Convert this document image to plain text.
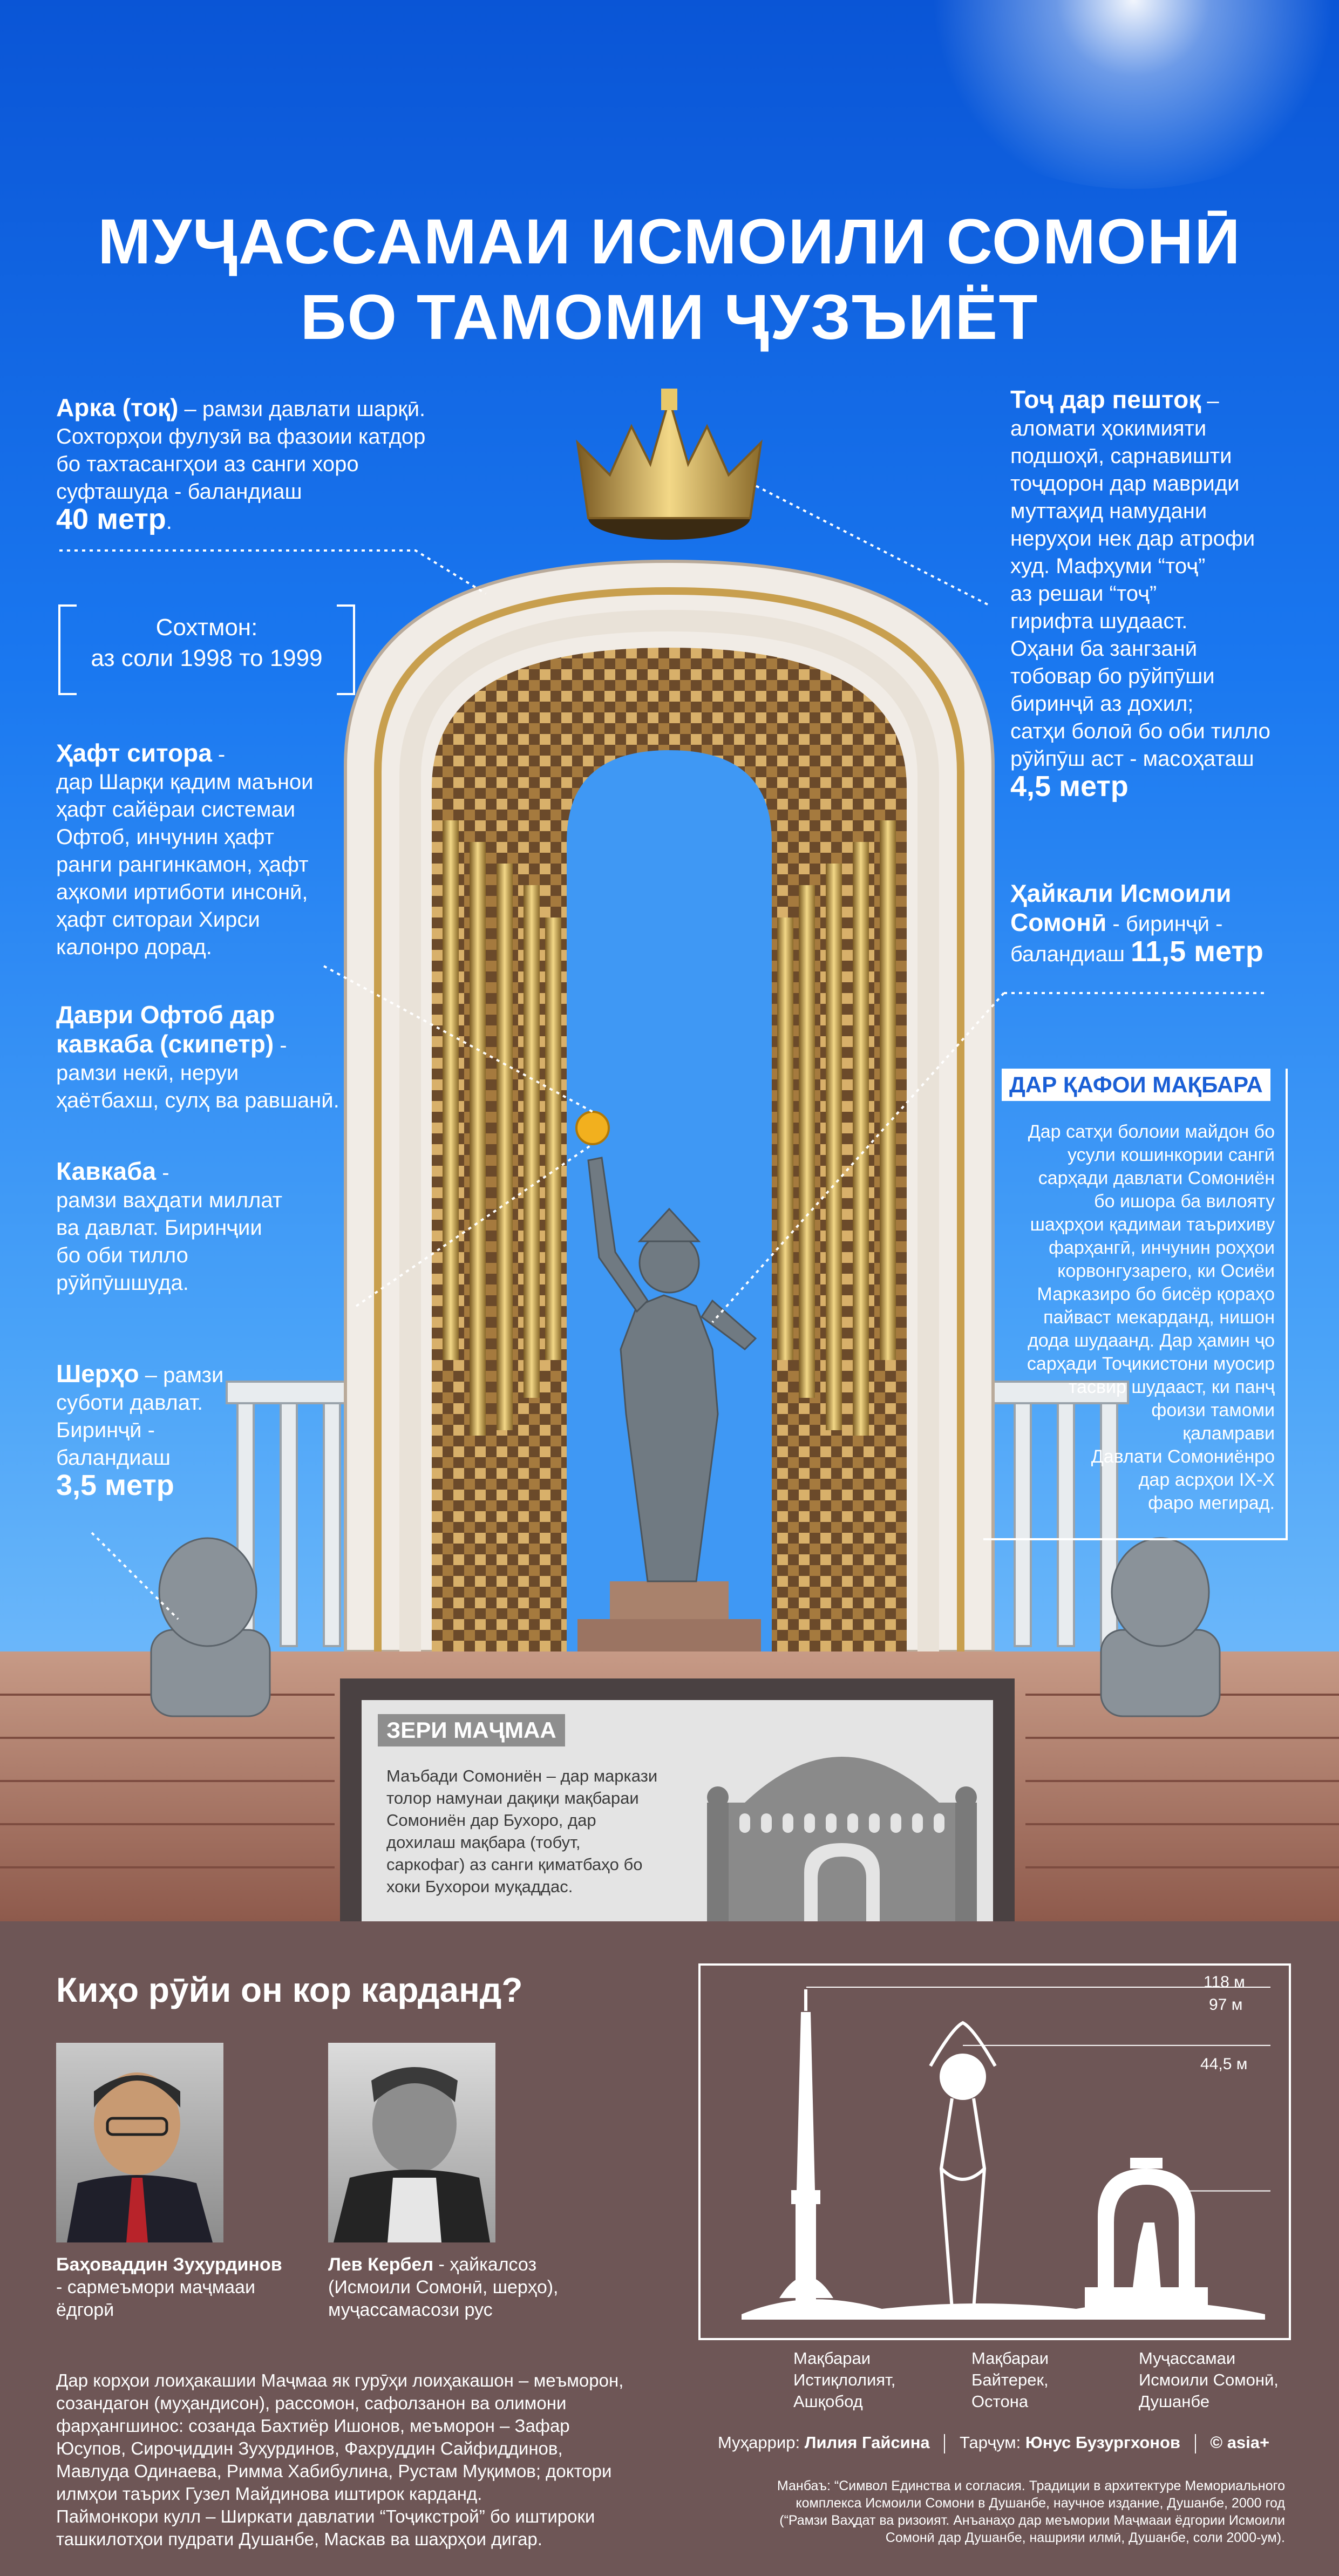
МУҶАССАМАИ ИСМОИЛИ СОМОНӢ
БО ТАМОМИ ҶУЗЪИЁТ
Арка (тоқ) – рамзи давлати шарқӣ.
Сохторҳои фулузӣ ва фазоии катдор
бо тахтасангҳои аз санги хоро
суфташуда - баландиаш
40 метр.
Сохтмон:
аз соли 1998 то 1999
Ҳафт ситора -
дар Шарқи қадим маънои
ҳафт сайёраи системаи
Офтоб, инчунин ҳафт
ранги рангинкамон, ҳафт
аҳкоми иртиботи инсонӣ,
ҳафт ситораи Хирси
калонро дорад.
Даври Офтоб дар
кавкаба (скипетр) -
рамзи некӣ, неруи
ҳаётбахш, сулҳ ва равшанӣ.
Кавкаба -
рамзи ваҳдати миллат
ва давлат. Биринҷии
бо оби тилло
рӯйпӯшшуда.
Шерҳо – рамзи
суботи давлат.
Биринҷӣ -
баландиаш
3,5 метр
Тоҷ дар пештоқ –
аломати ҳокимияти
подшоҳӣ, сарнавишти
тоҷдорон дар мавриди
муттаҳид намудани
неруҳои нек дар атрофи
худ. Мафҳуми “тоҷ”
аз решаи “тоҷ”
гирифта шудааст.
Оҳани ба зангзанӣ
тобовар бо рӯйпӯши
биринҷӣ аз дохил;
сатҳи болоӣ бо оби тилло
рӯйпӯш аст - масоҳаташ
4,5 метр
Ҳайкали Исмоили
Сомонӣ - биринҷӣ -
баландиаш 11,5 метр
ДАР ҚАФОИ МАҚБАРА
Дар сатҳи болоии майдон бо
усули кошинкории сангӣ
сарҳади давлати Сомониён
бо ишора ба вилояту
шаҳрҳои қадимаи таърихиву
фарҳангӣ, инчунин роҳҳои
корвонгузарero, ки Осиёи
Марказиро бо бисёр қораҳо
пайваст мекарданд, нишон
дода шудаанд. Дар ҳамин ҷо
сарҳади Тоҷикистони муосир
тасвир шудааст, ки панҷ
фоизи тамоми
қаламрави
Давлати Сомониёнро
дар асрҳои IX-X
фаро мегирад.
ЗЕРИ МАҶМАА
Маъбади Сомониён – дар маркази
толор намунаи дақиқи мақбараи
Сомониён дар Бухоро, дар
дохилаш мақбара (тобут,
саркофаг) аз санги қиматбаҳо бо
хоки Бухорои муқаддас.
Киҳо рӯйи он кор карданд?
Баҳоваддин Зуҳурдинов
- сармеъмори маҷмааи
ёдгорӣ
Лев Кербел - ҳайкалсоз
(Исмоили Сомонӣ, шерҳо),
муҷассамасози рус
Дар корҳои лоиҳакашии Маҷмаа як гурӯҳи лоиҳакашон – меъморон,
созандагон (муҳандисон), рассомон, сафолзанон ва олимони
фарҳангшинос: созанда Бахтиёр Ишонов, меъморон – Зафар
Юсупов, Сироҷиддин Зуҳурдинов, Фахруддин Сайфиддинов,
Мавлуда Одинаева, Римма Хабибулина, Рустам Муқимов; доктори
илмҳои таърих Гузел Майдинова иштирок карданд.
Паймонкори кулл – Ширкати давлатии “Тоҷикстрой” бо иштироки
ташкилотҳои пудрати Душанбе, Маскав ва шаҳрҳои дигар.
118 м
97 м
44,5 м
Мақбараи
Истиқлолият,
Ашқобод
Мақбараи
Байтерек,
Остона
Муҷассамаи
Исмоили Сомонӣ,
Душанбе
Муҳаррир: Лилия Гайсина Тарҷум: Юнус Бузургхонов © asia+
Манбаъ: “Символ Единства и согласия. Традиции в архитектуре Мемориального
комплекса Исмоили Сомони в Душанбе, научное издание, Душанбе, 2000 год
(“Рамзи Ваҳдат ва ризоият. Анъанаҳо дар меъмории Маҷмааи ёдгории Исмоили
Сомонӣ дар Душанбе, нашрияи илмӣ, Душанбе, соли 2000-ум).
